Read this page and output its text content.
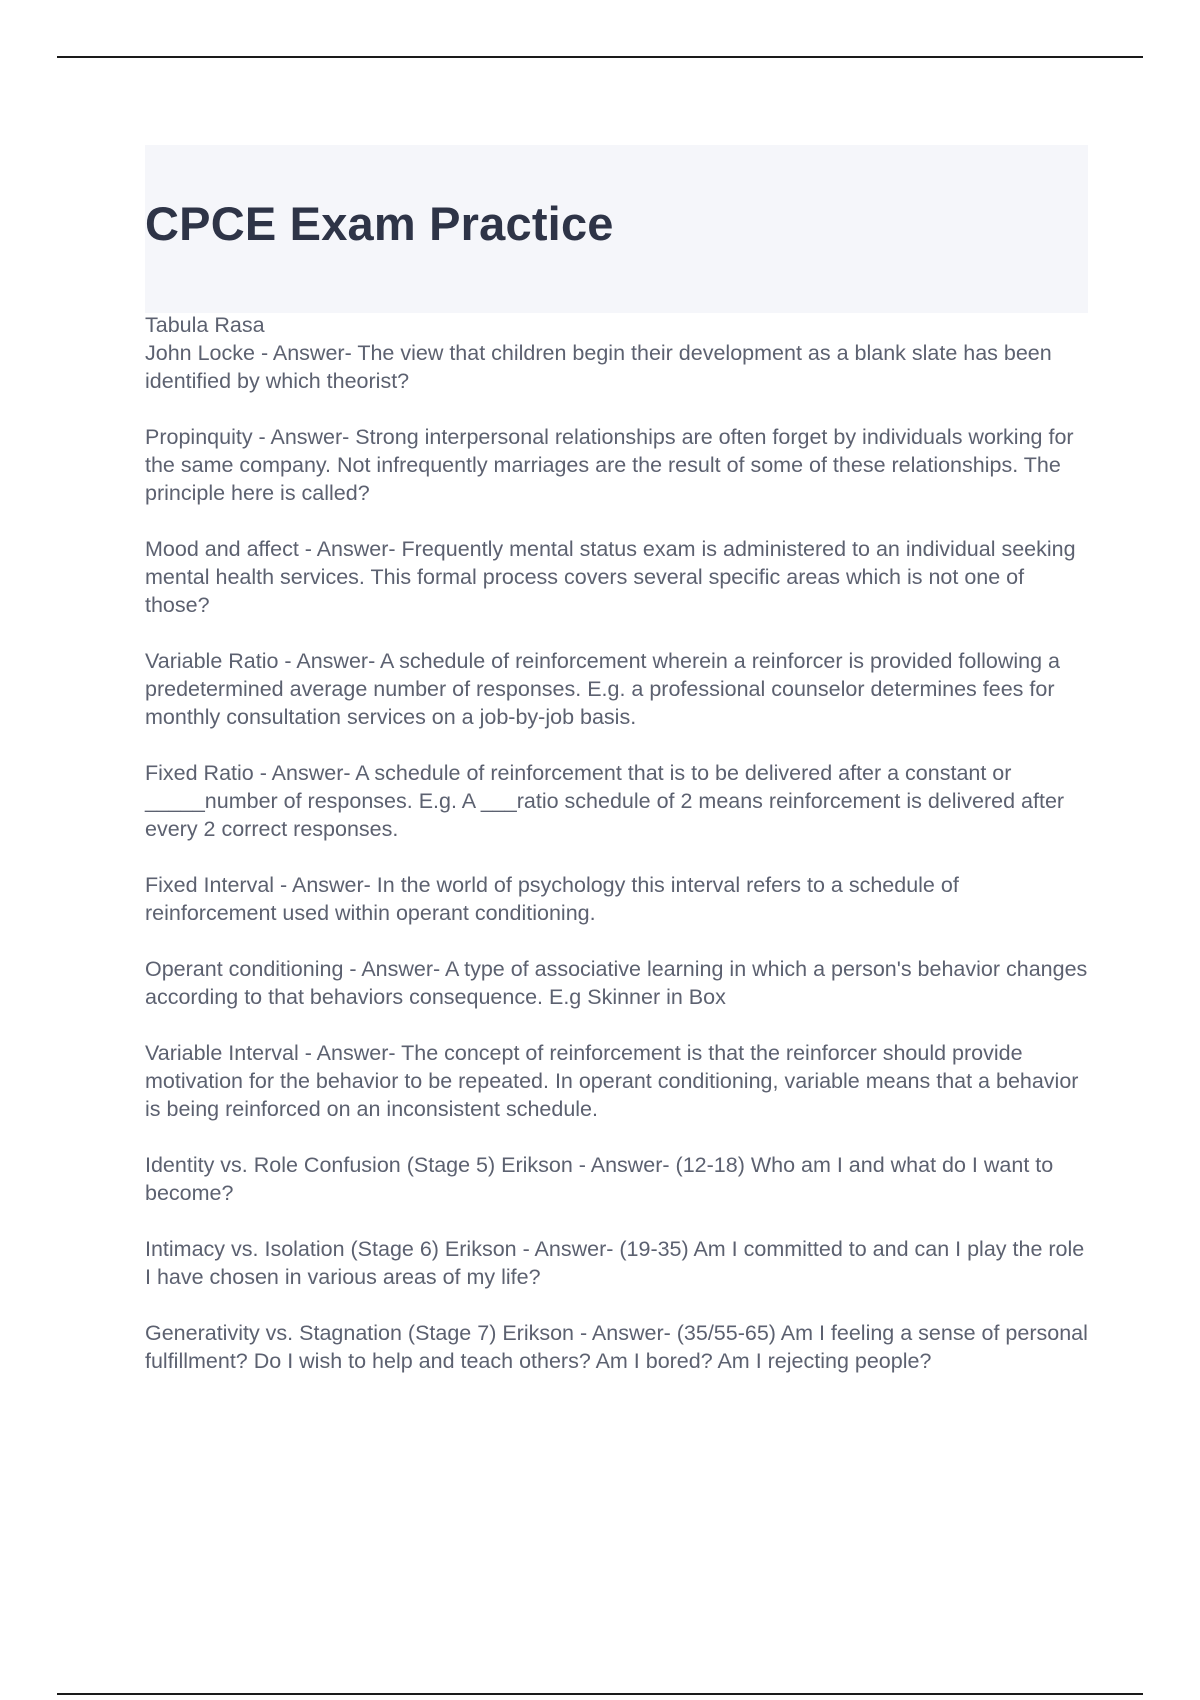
CPCE Exam Practice

Tabula Rasa

John Locke - Answer- The view that children begin their development as a blank slate has been identified by which theorist?

Propinquity - Answer- Strong interpersonal relationships are often forget by individuals working for the same company. Not infrequently marriages are the result of some of these relationships. The principle here is called?

Mood and affect - Answer- Frequently mental status exam is administered to an individual seeking mental health services. This formal process covers several specific areas which is not one of those?

Variable Ratio - Answer- A schedule of reinforcement wherein a reinforcer is provided following a predetermined average number of responses. E.g. a professional counselor determines fees for monthly consultation services on a job-by-job basis.

Fixed Ratio - Answer- A schedule of reinforcement that is to be delivered after a constant or _____number of responses. E.g. A ___ratio schedule of 2 means reinforcement is delivered after every 2 correct responses.

Fixed Interval - Answer- In the world of psychology this interval refers to a schedule of reinforcement used within operant conditioning.

Operant conditioning - Answer- A type of associative learning in which a person's behavior changes according to that behaviors consequence. E.g Skinner in Box

Variable Interval - Answer- The concept of reinforcement is that the reinforcer should provide motivation for the behavior to be repeated. In operant conditioning, variable means that a behavior is being reinforced on an inconsistent schedule.

Identity vs. Role Confusion (Stage 5) Erikson - Answer- (12-18) Who am I and what do I want to become?

Intimacy vs. Isolation (Stage 6) Erikson - Answer- (19-35) Am I committed to and can I play the role I have chosen in various areas of my life?

Generativity vs. Stagnation (Stage 7) Erikson - Answer- (35/55-65) Am I feeling a sense of personal fulfillment? Do I wish to help and teach others? Am I bored? Am I rejecting people?
